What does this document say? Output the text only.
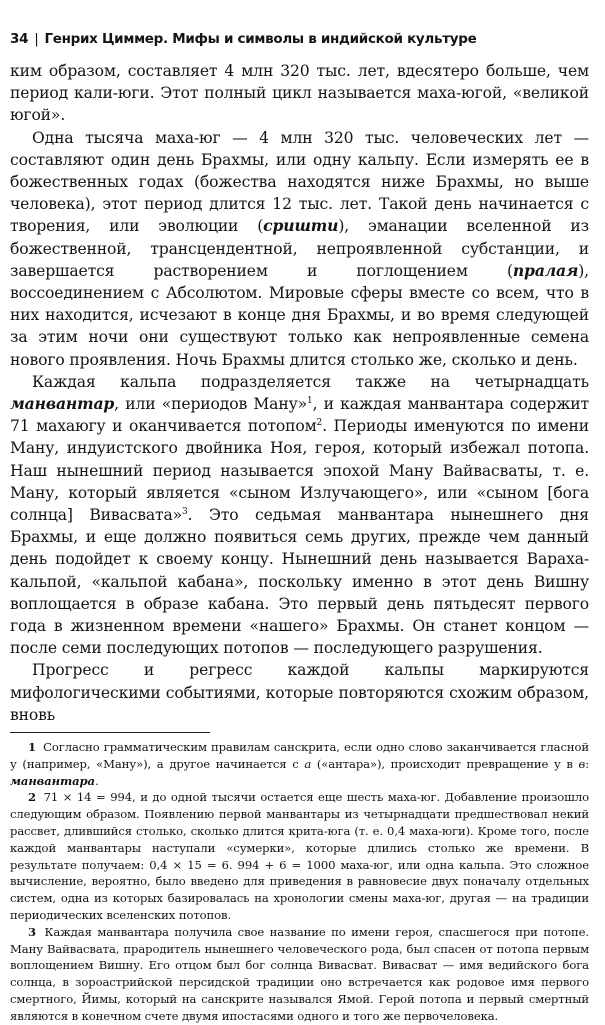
34 | Генрих Циммер. Мифы и символы в индийской культуре

ким образом, составляет 4 млн 320 тыс. лет, вдесятеро больше, чем период кали-юги. Этот полный цикл называется маха-югой, «великой югой».

Одна тысяча маха-юг — 4 млн 320 тыс. человеческих лет — составляют один день Брахмы, или одну кальпу. Если измерять ее в божественных годах (божества находятся ниже Брахмы, но выше человека), этот период длится 12 тыс. лет. Такой день начинается с творения, или эволюции (сришти), эманации вселенной из божественной, трансцендентной, непроявленной субстанции, и завершается растворением и поглощением (пралая), воссоединением с Абсолютом. Мировые сферы вместе со всем, что в них находится, исчезают в конце дня Брахмы, и во время следующей за этим ночи они существуют только как непроявленные семена нового проявления. Ночь Брахмы длится столько же, сколько и день.

Каждая кальпа подразделяется также на четырнадцать манвантар, или «периодов Ману»$^1$, и каждая манвантара содержит 71 махаюгу и оканчивается потопом$^2$. Периоды именуются по имени Ману, индуистского двойника Ноя, героя, который избежал потопа. Наш нынешний период называется эпохой Ману Вайвасваты, т. е. Ману, который является «сыном Излучающего», или «сыном [бога солнца] Вивасвата»$^3$. Это седьмая манвантара нынешнего дня Брахмы, и еще должно появиться семь других, прежде чем данный день подойдет к своему концу. Нынешний день называется Вараха-кальпой, «кальпой кабана», поскольку именно в этот день Вишну воплощается в образе кабана. Это первый день пятьдесят первого года в жизненном времени «нашего» Брахмы. Он станет концом — после семи последующих потопов — последующего разрушения.

Прогресс и регресс каждой кальпы маркируются мифологическими событиями, которые повторяются схожим образом, вновь

1 Согласно грамматическим правилам санскрита, если одно слово заканчивается гласной у (например, «Ману»), а другое начинается с а («антара»), происходит превращение у в в: манвантара.

2 71 × 14 = 994, и до одной тысячи остается еще шесть маха-юг. Добавление произошло следующим образом. Появлению первой манвантары из четырнадцати предшествовал некий рассвет, длившийся столько, сколько длится крита-юга (т. е. 0,4 маха-юги). Кроме того, после каждой манвантары наступали «сумерки», которые длились столько же времени. В результате получаем: 0,4 × 15 = 6. 994 + 6 = 1000 маха-юг, или одна кальпа. Это сложное вычисление, вероятно, было введено для приведения в равновесие двух поначалу отдельных систем, одна из которых базировалась на хронологии смены маха-юг, другая — на традиции периодических вселенских потопов.

3 Каждая манвантара получила свое название по имени героя, спасшегося при потопе. Ману Вайвасвата, прародитель нынешнего человеческого рода, был спасен от потопа первым воплощением Вишну. Его отцом был бог солнца Вивасват. Вивасват — имя ведийского бога солнца, в зороастрийской персидской традиции оно встречается как родовое имя первого смертного, Йимы, который на санскрите назывался Ямой. Герой потопа и первый смертный являются в конечном счете двумя ипостасями одного и того же первочеловека.
